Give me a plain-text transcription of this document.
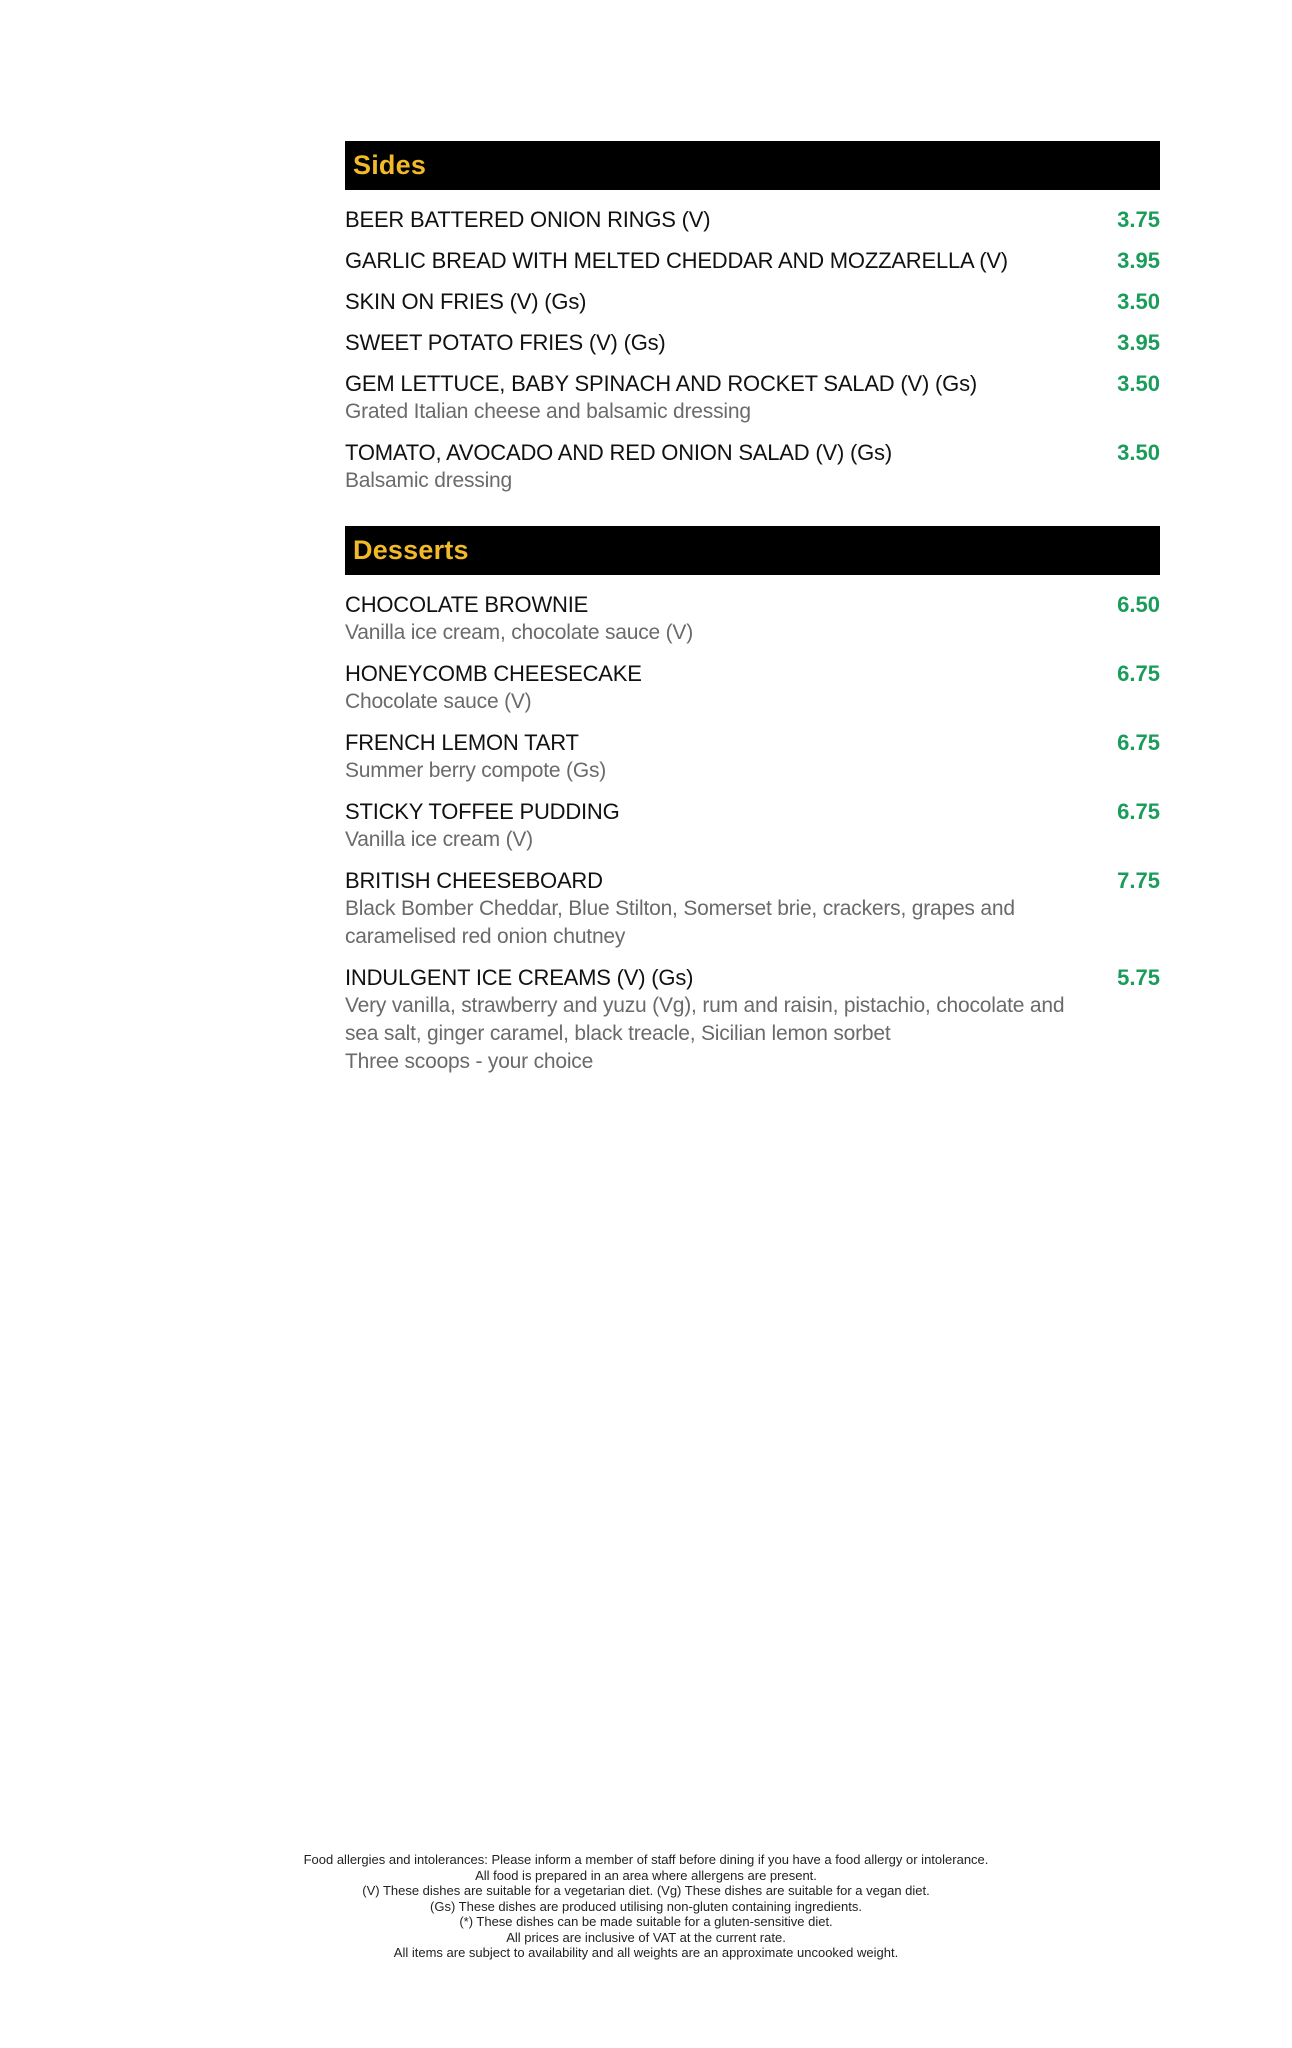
Sides
BEER BATTERED ONION RINGS (V)	3.75
GARLIC BREAD WITH MELTED CHEDDAR AND MOZZARELLA (V)	3.95
SKIN ON FRIES (V) (Gs)	3.50
SWEET POTATO FRIES (V) (Gs)	3.95
GEM LETTUCE, BABY SPINACH AND ROCKET SALAD (V) (Gs)	3.50
Grated Italian cheese and balsamic dressing
TOMATO, AVOCADO AND RED ONION SALAD (V) (Gs)	3.50
Balsamic dressing
Desserts
CHOCOLATE BROWNIE	6.50
Vanilla ice cream, chocolate sauce (V)
HONEYCOMB CHEESECAKE	6.75
Chocolate sauce (V)
FRENCH LEMON TART	6.75
Summer berry compote (Gs)
STICKY TOFFEE PUDDING	6.75
Vanilla ice cream (V)
BRITISH CHEESEBOARD	7.75
Black Bomber Cheddar, Blue Stilton, Somerset brie, crackers, grapes and caramelised red onion chutney
INDULGENT ICE CREAMS (V) (Gs)	5.75
Very vanilla, strawberry and yuzu (Vg), rum and raisin, pistachio, chocolate and sea salt, ginger caramel, black treacle, Sicilian lemon sorbet
Three scoops - your choice

Food allergies and intolerances: Please inform a member of staff before dining if you have a food allergy or intolerance.

All food is prepared in an area where allergens are present.

(V) These dishes are suitable for a vegetarian diet. (Vg) These dishes are suitable for a vegan diet.

(Gs) These dishes are produced utilising non-gluten containing ingredients.

(*) These dishes can be made suitable for a gluten-sensitive diet.

All prices are inclusive of VAT at the current rate.

All items are subject to availability and all weights are an approximate uncooked weight.
